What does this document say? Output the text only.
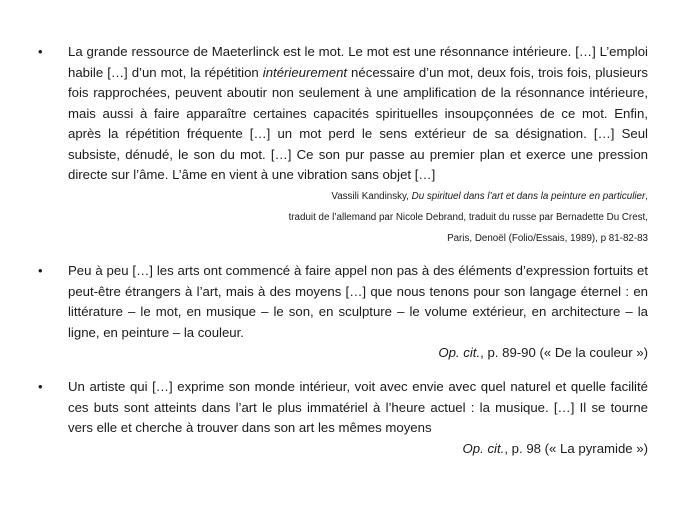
• La grande ressource de Maeterlinck est le mot. Le mot est une résonnance intérieure. […] L’emploi habile […] d’un mot, la répétition intérieurement nécessaire d’un mot, deux fois, trois fois, plusieurs fois rapprochées, peuvent aboutir non seulement à une amplification de la résonnance intérieure, mais aussi à faire apparaître certaines capacités spirituelles insoupçonnées de ce mot. Enfin, après la répétition fréquente […] un mot perd le sens extérieur de sa désignation. […] Seul subsiste, dénudé, le son du mot. […] Ce son pur passe au premier plan et exerce une pression directe sur l’âme. L’âme en vient à une vibration sans objet […]

Vassili Kandinsky, Du spirituel dans l’art et dans la peinture en particulier,

traduit de l’allemand par Nicole Debrand, traduit du russe par Bernadette Du Crest,

Paris, Denoël (Folio/Essais, 1989), p 81-82-83

• Peu à peu […] les arts ont commencé à faire appel non pas à des éléments d’expression fortuits et peut-être étrangers à l’art, mais à des moyens […] que nous tenons pour son langage éternel : en littérature – le mot, en musique – le son, en sculpture – le volume extérieur, en architecture – la ligne, en peinture – la couleur.

Op. cit., p. 89-90 (« De la couleur »)

• Un artiste qui […] exprime son monde intérieur, voit avec envie avec quel naturel et quelle facilité ces buts sont atteints dans l’art le plus immatériel à l’heure actuel : la musique. […] Il se tourne vers elle et cherche à trouver dans son art les mêmes moyens

Op. cit., p. 98 (« La pyramide »)
